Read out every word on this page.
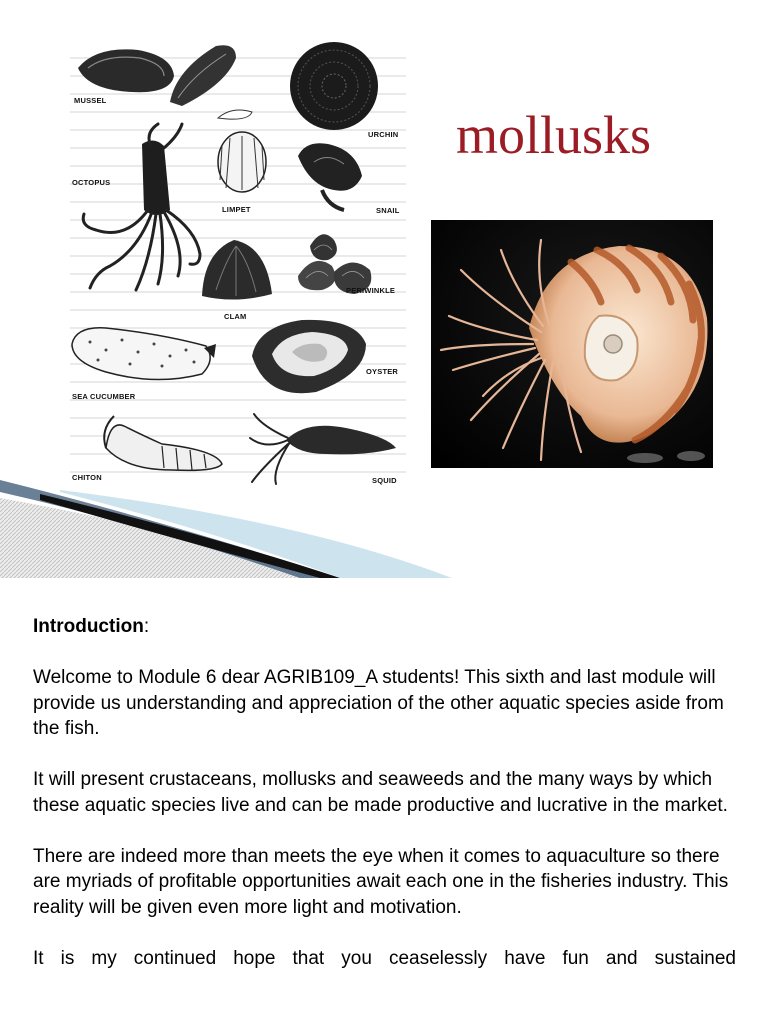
MUSSEL
URCHIN
OCTOPUS
LIMPET	SNAIL
CLAM
PERIWINKLE
SEA CUCUMBER
OYSTER
CHITON	SQUID
mollusks

Introduction:

Welcome to Module 6 dear AGRIB109_A students! This sixth and last module will provide us understanding and appreciation of the other aquatic species aside from the fish.

It will present crustaceans, mollusks and seaweeds and the many ways by which these aquatic species live and can be made productive and lucrative in the market.

There are indeed more than meets the eye when it comes to aquaculture so there are myriads of profitable opportunities await each one in the fisheries industry. This reality will be given even more light and motivation.

It is my continued hope that you ceaselessly have fun and sustained
